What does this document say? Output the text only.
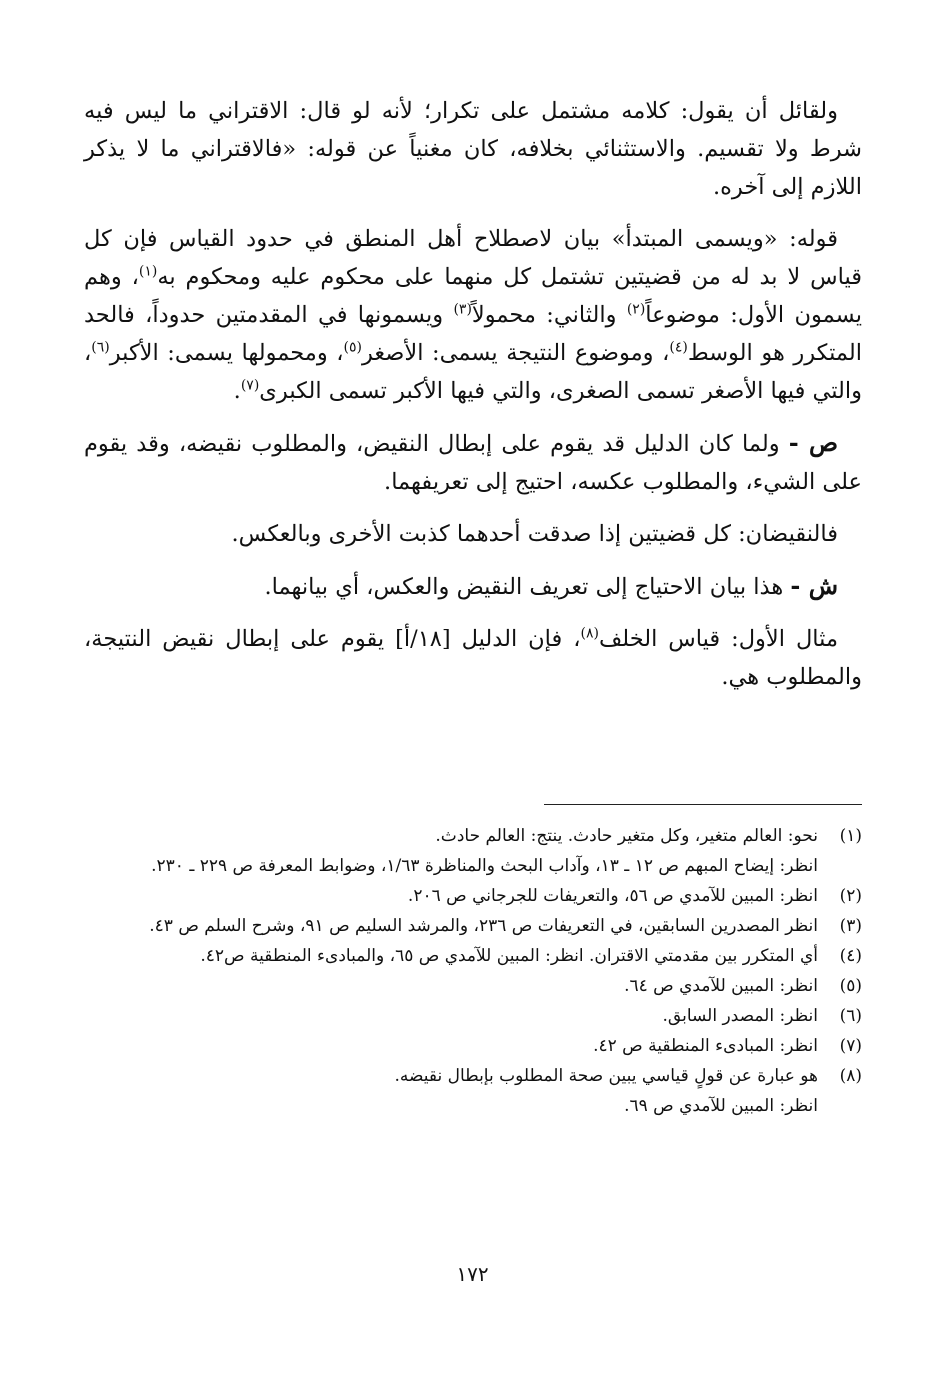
ولقائل أن يقول: كلامه مشتمل على تكرار؛ لأنه لو قال: الاقتراني ما ليس فيه شرط ولا تقسيم. والاستثنائي بخلافه، كان مغنياً عن قوله: «فالاقتراني ما لا يذكر اللازم إلى آخره.

قوله: «ويسمى المبتدأ» بيان لاصطلاح أهل المنطق في حدود القياس فإن كل قياس لا بد له من قضيتين تشتمل كل منهما على محكوم عليه ومحكوم به$^{(١)}$، وهم يسمون الأول: موضوعاً$^{(٢)}$ والثاني: محمولاً$^{(٣)}$ ويسمونها في المقدمتين حدوداً، فالحد المتكرر هو الوسط$^{(٤)}$، وموضوع النتيجة يسمى: الأصغر$^{(٥)}$، ومحمولها يسمى: الأكبر$^{(٦)}$، والتي فيها الأصغر تسمى الصغرى، والتي فيها الأكبر تسمى الكبرى$^{(٧)}$.

ص - ولما كان الدليل قد يقوم على إبطال النقيض، والمطلوب نقيضه، وقد يقوم على الشيء، والمطلوب عكسه، احتيج إلى تعريفهما.

فالنقيضان: كل قضيتين إذا صدقت أحدهما كذبت الأخرى وبالعكس.

ش - هذا بيان الاحتياج إلى تعريف النقيض والعكس، أي بيانهما.

مثال الأول: قياس الخلف$^{(٨)}$، فإن الدليل [١٨/أ] يقوم على إبطال نقيض النتيجة، والمطلوب هي.

(١)
نحو: العالم متغير، وكل متغير حادث. ينتج: العالم حادث.
انظر: إيضاح المبهم ص ١٢ ـ ١٣، وآداب البحث والمناظرة ١/٦٣، وضوابط المعرفة ص ٢٢٩ ـ ٢٣٠.
(٢)
انظر: المبين للآمدي ص ٥٦، والتعريفات للجرجاني ص ٢٠٦.
(٣)
انظر المصدرين السابقين، في التعريفات ص ٢٣٦، والمرشد السليم ص ٩١، وشرح السلم ص ٤٣.
(٤)
أي المتكرر بين مقدمتي الاقتران. انظر: المبين للآمدي ص ٦٥، والمبادىء المنطقية ص٤٢.
(٥)
انظر: المبين للآمدي ص ٦٤.
(٦)
انظر: المصدر السابق.
(٧)
انظر: المبادىء المنطقية ص ٤٢.
(٨)
هو عبارة عن قولٍ قياسي يبين صحة المطلوب بإبطال نقيضه.
انظر: المبين للآمدي ص ٦٩.
١٧٢
